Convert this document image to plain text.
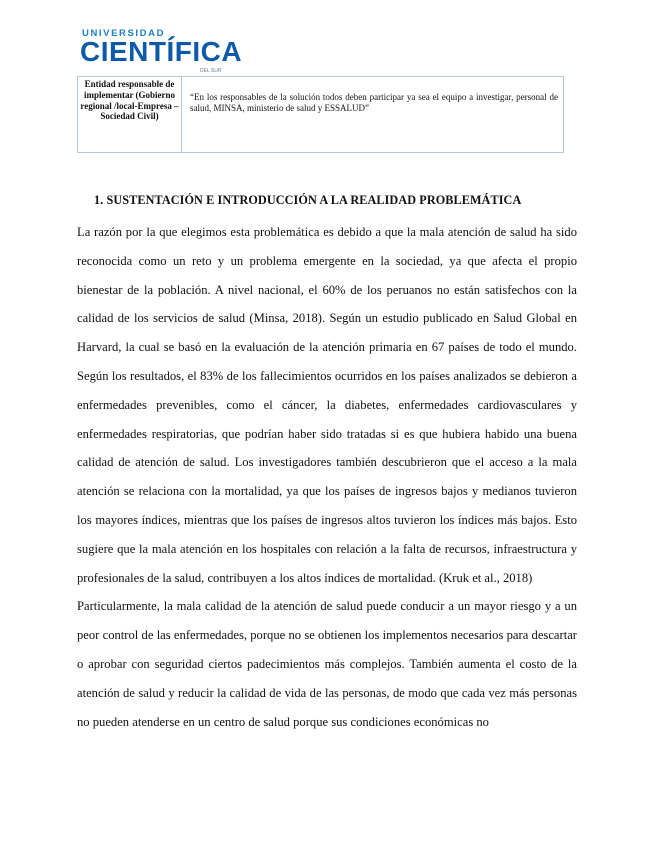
UNIVERSIDAD
CIENTÍFICA
DEL SUR
Entidad responsable de implementar (Gobierno regional /local-Empresa – Sociedad Civil)	“En los responsables de la solución todos deben participar ya sea el equipo a investigar, personal de salud, MINSA, ministerio de salud y ESSALUD”
1. SUSTENTACIÓN E INTRODUCCIÓN A LA REALIDAD PROBLEMÁTICA

La razón por la que elegimos esta problemática es debido a que la mala atención de salud ha sido reconocida como un reto y un problema emergente en la sociedad, ya que afecta el propio bienestar de la población. A nivel nacional, el 60% de los peruanos no están satisfechos con la calidad de los servicios de salud (Minsa, 2018). Según un estudio publicado en Salud Global en Harvard, la cual se basó en la evaluación de la atención primaria en 67 países de todo el mundo. Según los resultados, el 83% de los fallecimientos ocurridos en los países analizados se debieron a enfermedades prevenibles, como el cáncer, la diabetes, enfermedades cardiovasculares y enfermedades respiratorias, que podrían haber sido tratadas si es que hubiera habido una buena calidad de atención de salud. Los investigadores también descubrieron que el acceso a la mala atención se relaciona con la mortalidad, ya que los países de ingresos bajos y medianos tuvieron los mayores índices, mientras que los países de ingresos altos tuvieron los índices más bajos. Esto sugiere que la mala atención en los hospitales con relación a la falta de recursos, infraestructura y profesionales de la salud, contribuyen a los altos índices de mortalidad. (Kruk et al., 2018)

Particularmente, la mala calidad de la atención de salud puede conducir a un mayor riesgo y a un peor control de las enfermedades, porque no se obtienen los implementos necesarios para descartar o aprobar con seguridad ciertos padecimientos más complejos. También aumenta el costo de la atención de salud y reducir la calidad de vida de las personas, de modo que cada vez más personas no pueden atenderse en un centro de salud porque sus condiciones económicas no
